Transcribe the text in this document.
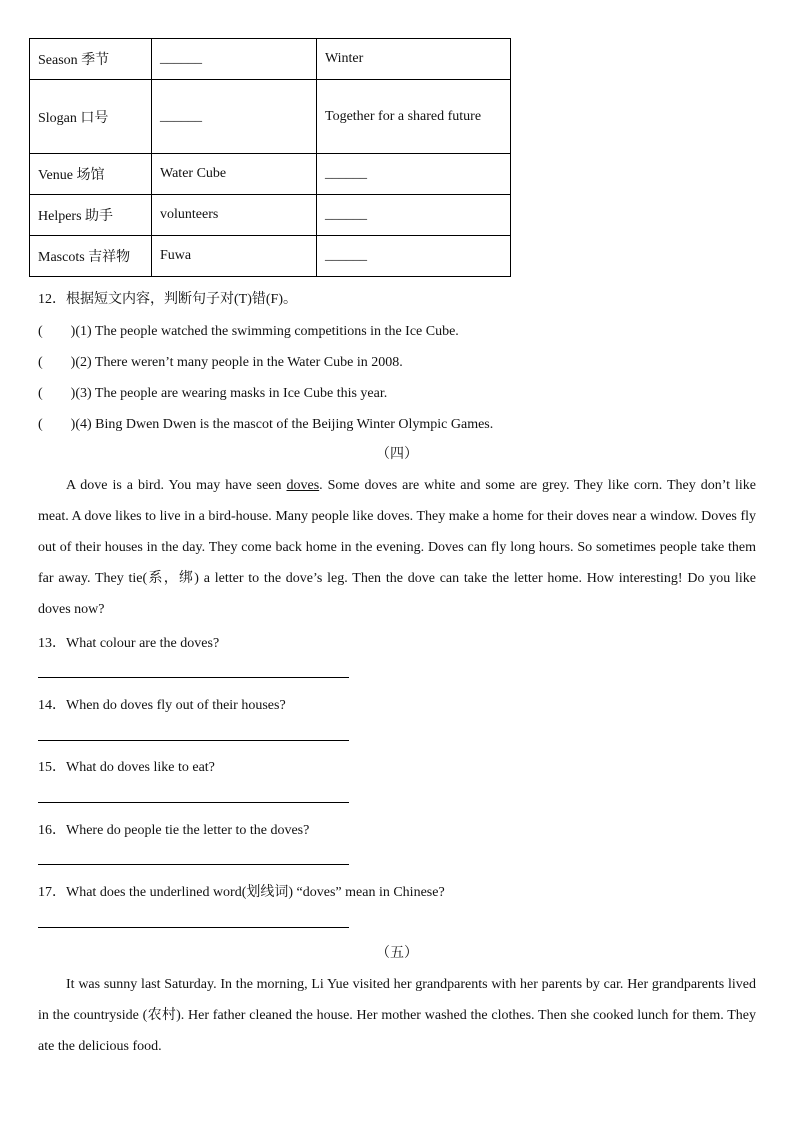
Season 季节	______	Winter
Slogan 口号	______	Together for a shared future

Venue 场馆	Water Cube	______
Helpers 助手	volunteers	______
Mascots 吉祥物	Fuwa	______
12．根据短文内容，判断句子对(T)错(F)。
(　　)(1) The people watched the swimming competitions in the Ice Cube.
(　　)(2) There weren’t many people in the Water Cube in 2008.
(　　)(3) The people are wearing masks in Ice Cube this year.
(　　)(4) Bing Dwen Dwen is the mascot of the Beijing Winter Olympic Games.
（四）
A dove is a bird. You may have seen doves. Some doves are white and some are grey. They like corn. They don’t like meat. A dove likes to live in a bird-house. Many people like doves. They make a home for their doves near a window. Doves fly out of their houses in the day. They come back home in the evening. Doves can fly long hours. So sometimes people take them far away. They tie(系，绑) a letter to the dove’s leg. Then the dove can take the letter home. How interesting! Do you like doves now?
13．What colour are the doves?
14．When do doves fly out of their houses?
15．What do doves like to eat?
16．Where do people tie the letter to the doves?
17．What does the underlined word(划线词) “doves” mean in Chinese?
（五）
It was sunny last Saturday. In the morning, Li Yue visited her grandparents with her parents by car. Her grandparents lived in the countryside (农村). Her father cleaned the house. Her mother washed the clothes. Then she cooked lunch for them. They ate the delicious food.
